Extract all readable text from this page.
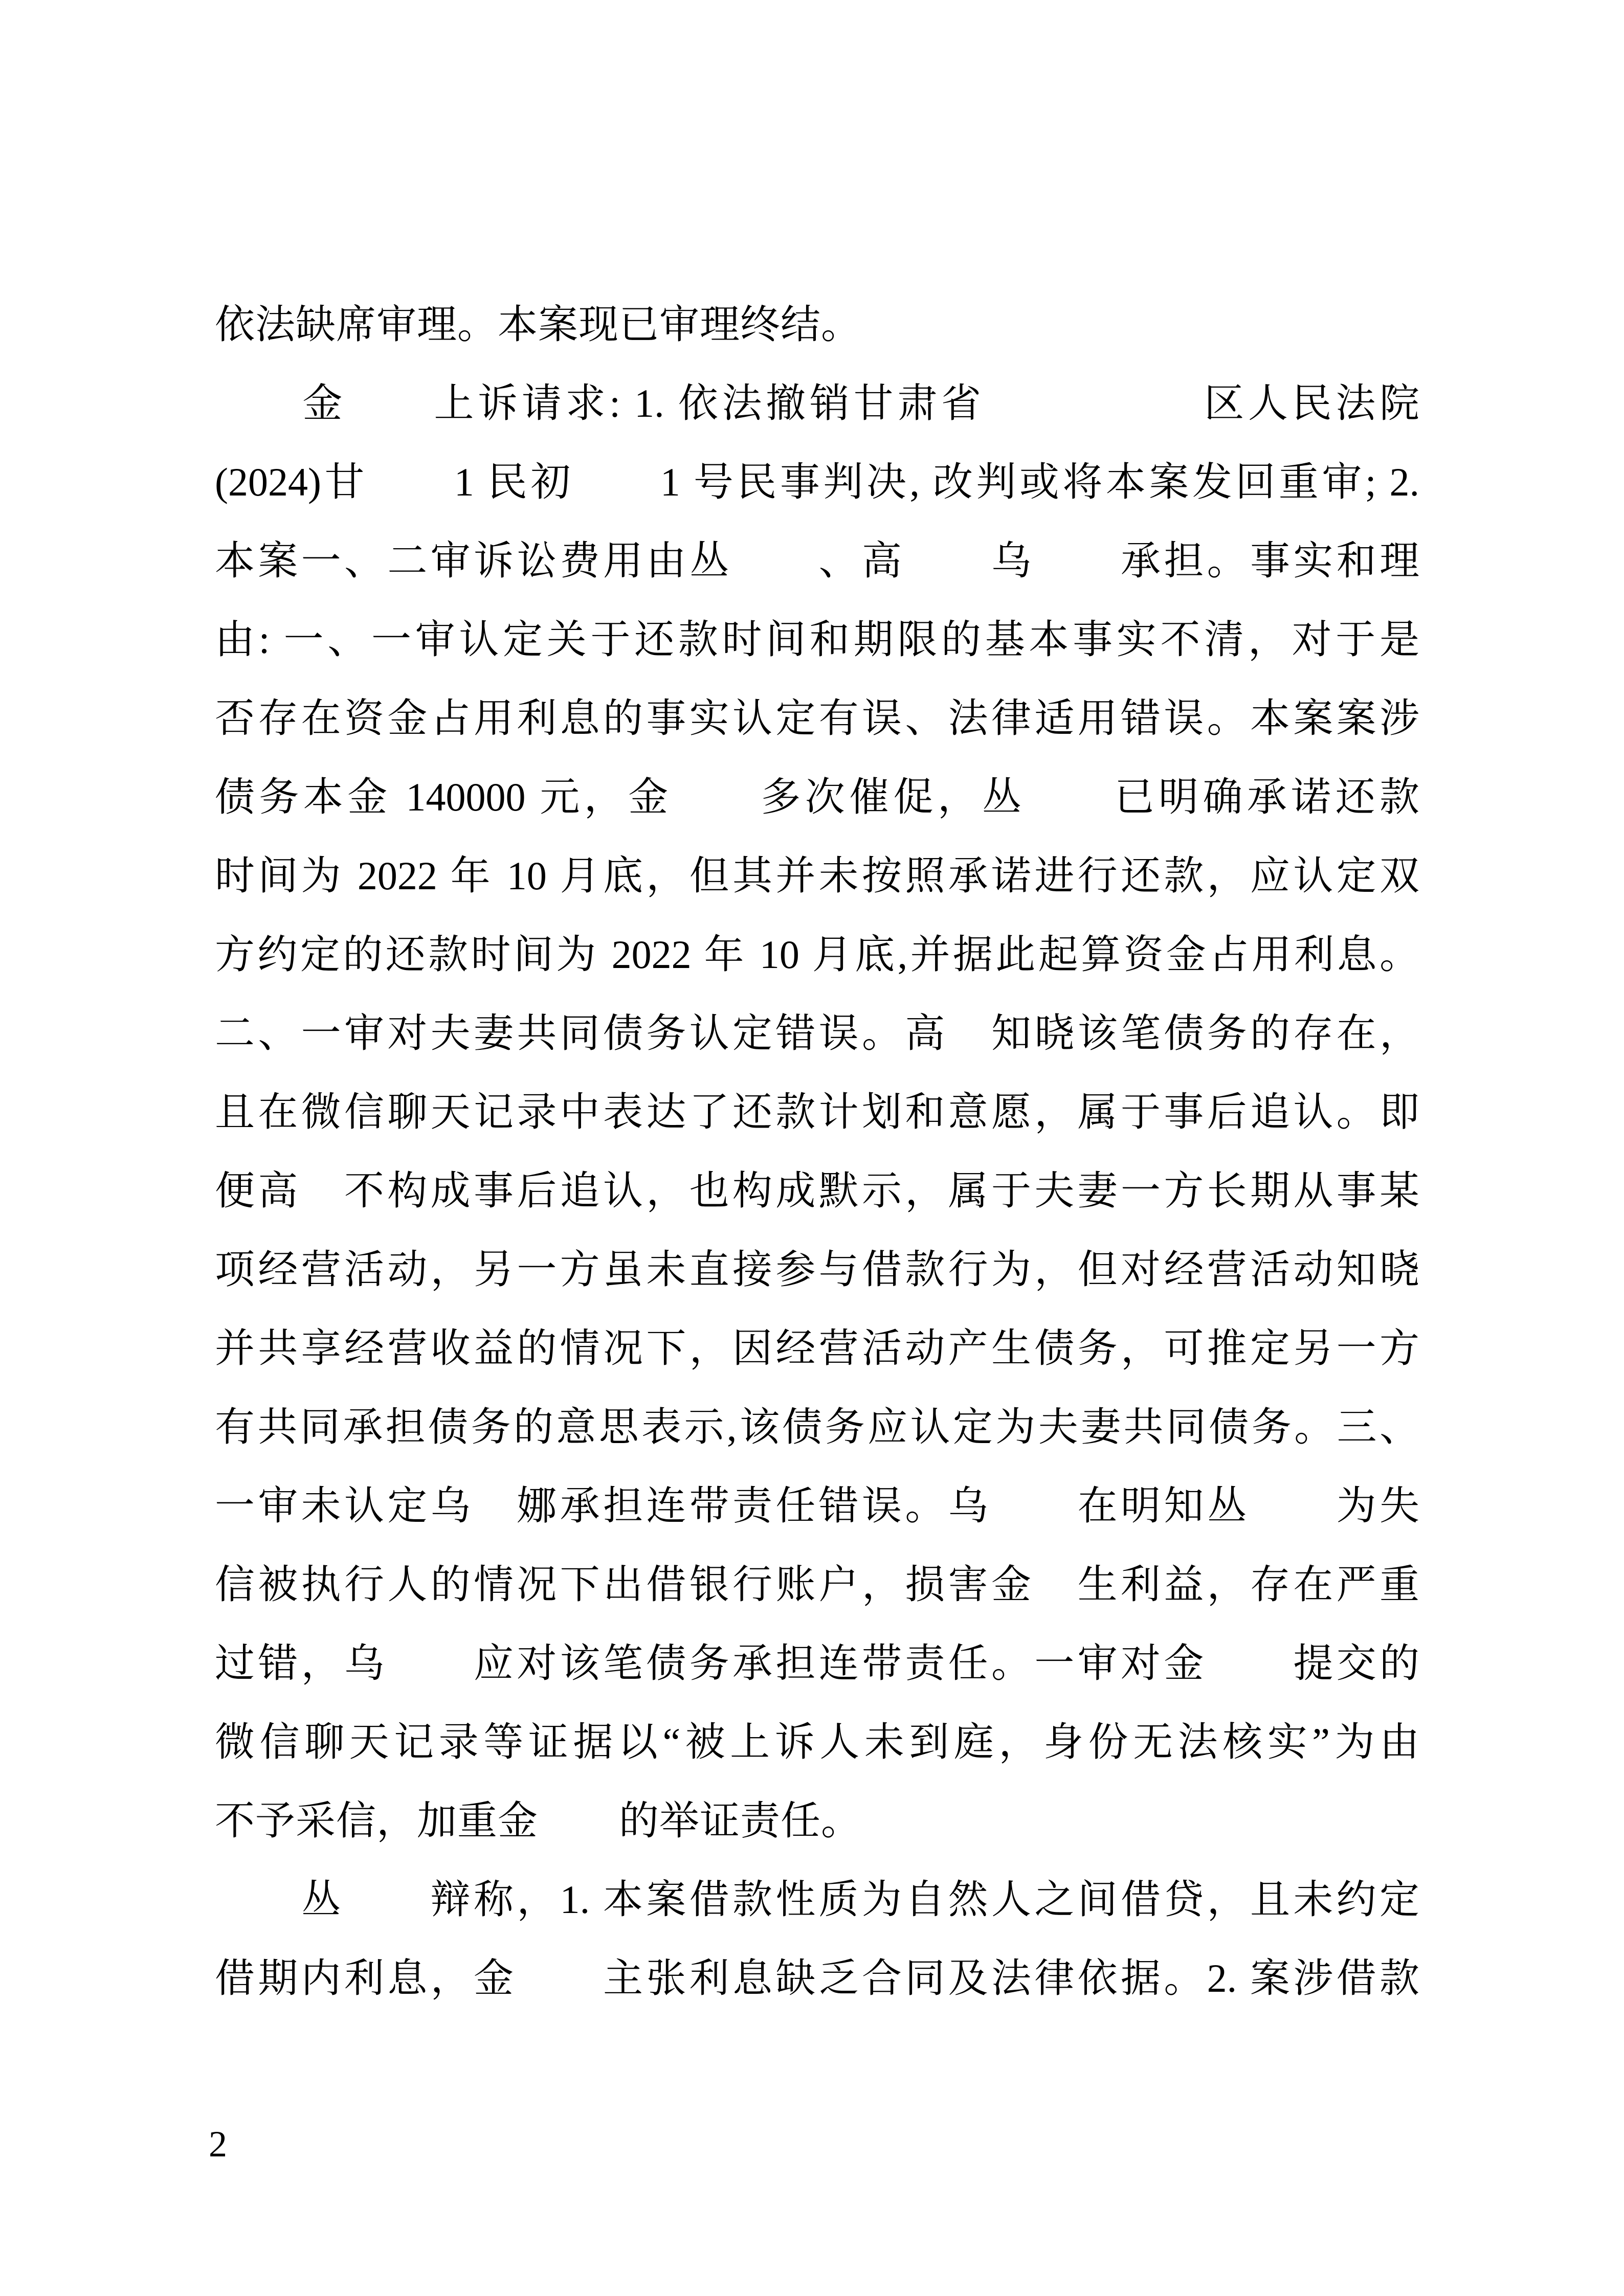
依法缺席审理。本案现已审理终结。
　　金　　上诉请求: 1. 依法撤销甘肃省　　　　　区人民法院
(2024)甘　　1 民初　　1 号民事判决, 改判或将本案发回重审; 2.
本案一、二审诉讼费用由丛　　、高　　乌　　承担。事实和理
由: 一、一审认定关于还款时间和期限的基本事实不清，对于是
否存在资金占用利息的事实认定有误、法律适用错误。本案案涉
债务本金 140000 元，金　　多次催促，丛　　已明确承诺还款
时间为 2022 年 10 月底，但其并未按照承诺进行还款，应认定双
方约定的还款时间为 2022 年 10 月底,并据此起算资金占用利息。
二、一审对夫妻共同债务认定错误。高　知晓该笔债务的存在，
且在微信聊天记录中表达了还款计划和意愿，属于事后追认。即
便高　不构成事后追认，也构成默示，属于夫妻一方长期从事某
项经营活动，另一方虽未直接参与借款行为，但对经营活动知晓
并共享经营收益的情况下，因经营活动产生债务，可推定另一方
有共同承担债务的意思表示,该债务应认定为夫妻共同债务。三、
一审未认定乌　娜承担连带责任错误。乌　　在明知丛　　为失
信被执行人的情况下出借银行账户，损害金　生利益，存在严重
过错，乌　　应对该笔债务承担连带责任。一审对金　　提交的
微信聊天记录等证据以“被上诉人未到庭，身份无法核实”为由
不予采信，加重金　　的举证责任。
　　丛　　辩称，1. 本案借款性质为自然人之间借贷，且未约定
借期内利息，金　　主张利息缺乏合同及法律依据。2. 案涉借款
2
